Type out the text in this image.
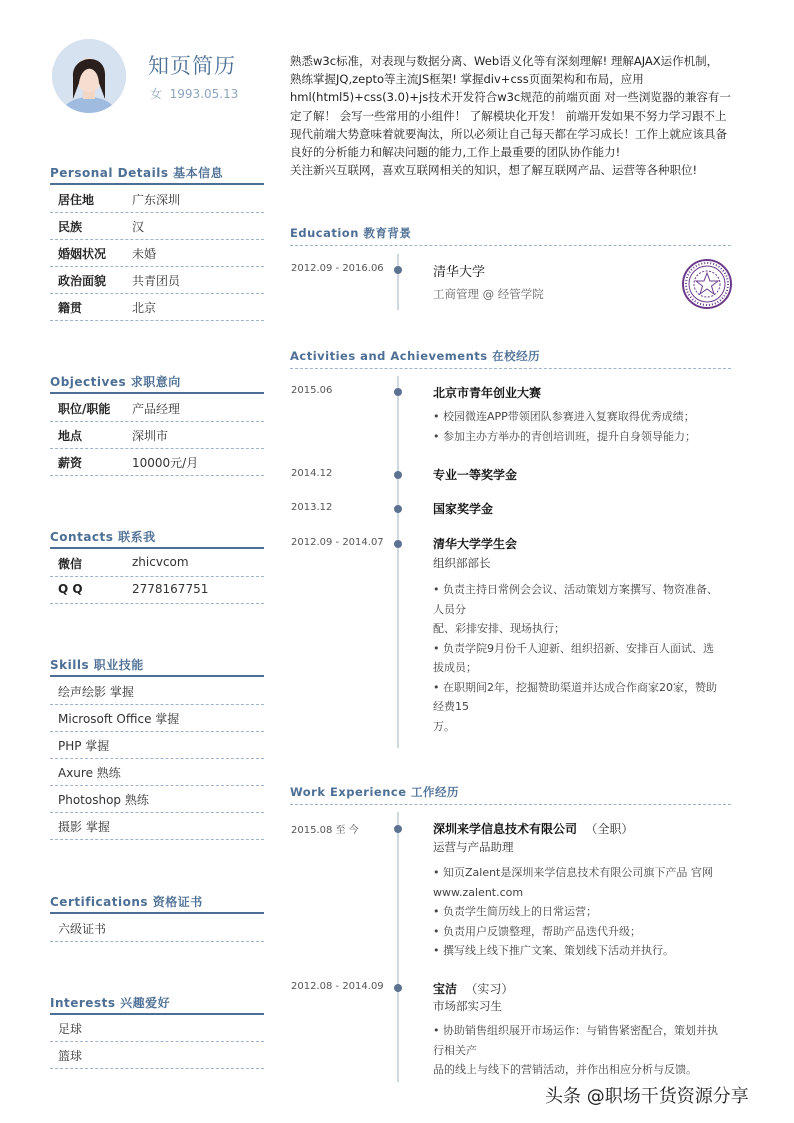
知页简历
女 1993.05.13
Personal Details 基本信息
居住地	广东深圳
民族	汉
婚姻状况 未婚
政治面貌 共青团员
籍贯	北京
Objectives 求职意向
职位/职能 产品经理
地点	深圳市
薪资	10000元/月
Contacts 联系我
微信	zhicvcom
Q Q	2778167751
Skills 职业技能
绘声绘影 掌握
Microsoft Office 掌握
PHP 掌握
Axure 熟练
Photoshop 熟练
摄影 掌握
Certifications 资格证书
六级证书
Interests 兴趣爱好
足球
篮球

熟悉w3c标准，对表现与数据分离、Web语义化等有深刻理解! 理解AJAX运作机制，

熟练掌握JQ,zepto等主流JS框架! 掌握div+css页面架构和布局，应用

hml(html5)+css(3.0)+js技术开发符合w3c规范的前端页面 对一些浏览器的兼容有一

定了解！ 会写一些常用的小组件！ 了解模块化开发！ 前端开发如果不努力学习跟不上

现代前端大势意味着就要淘汰，所以必须让自己每天都在学习成长！工作上就应该具备

良好的分析能力和解决问题的能力,工作上最重要的团队协作能力!

关注新兴互联网，喜欢互联网相关的知识，想了解互联网产品、运营等各种职位!

Education 教育背景
2012.09 - 2016.06	清华大学
工商管理 @ 经管学院
Activities and Achievements 在校经历
2015.06	北京市青年创业大赛
• 校园微连APP带领团队参赛进入复赛取得优秀成绩；
• 参加主办方举办的青创培训班，提升自身领导能力；
2014.12	专业一等奖学金
2013.12	国家奖学金
2012.09 - 2014.07	清华大学学生会
组织部部长
• 负责主持日常例会会议、活动策划方案撰写、物资准备、
人员分
配、彩排安排、现场执行；
• 负责学院9月份千人迎新、组织招新、安排百人面试、选
拔成员；
• 在职期间2年，挖掘赞助渠道并达成合作商家20家，赞助
经费15
万。
Work Experience 工作经历
2015.08 至 今	深圳来学信息技术有限公司 （全职）
运营与产品助理
• 知页Zalent是深圳来学信息技术有限公司旗下产品 官网
www.zalent.com
• 负责学生简历线上的日常运营；
• 负责用户反馈整理，帮助产品迭代升级；
• 撰写线上线下推广文案、策划线下活动并执行。
2012.08 - 2014.09	宝洁 （实习）
市场部实习生
• 协助销售组织展开市场运作：与销售紧密配合，策划并执
行相关产
品的线上与线下的营销活动，并作出相应分析与反馈。
头条 @职场干货资源分享
